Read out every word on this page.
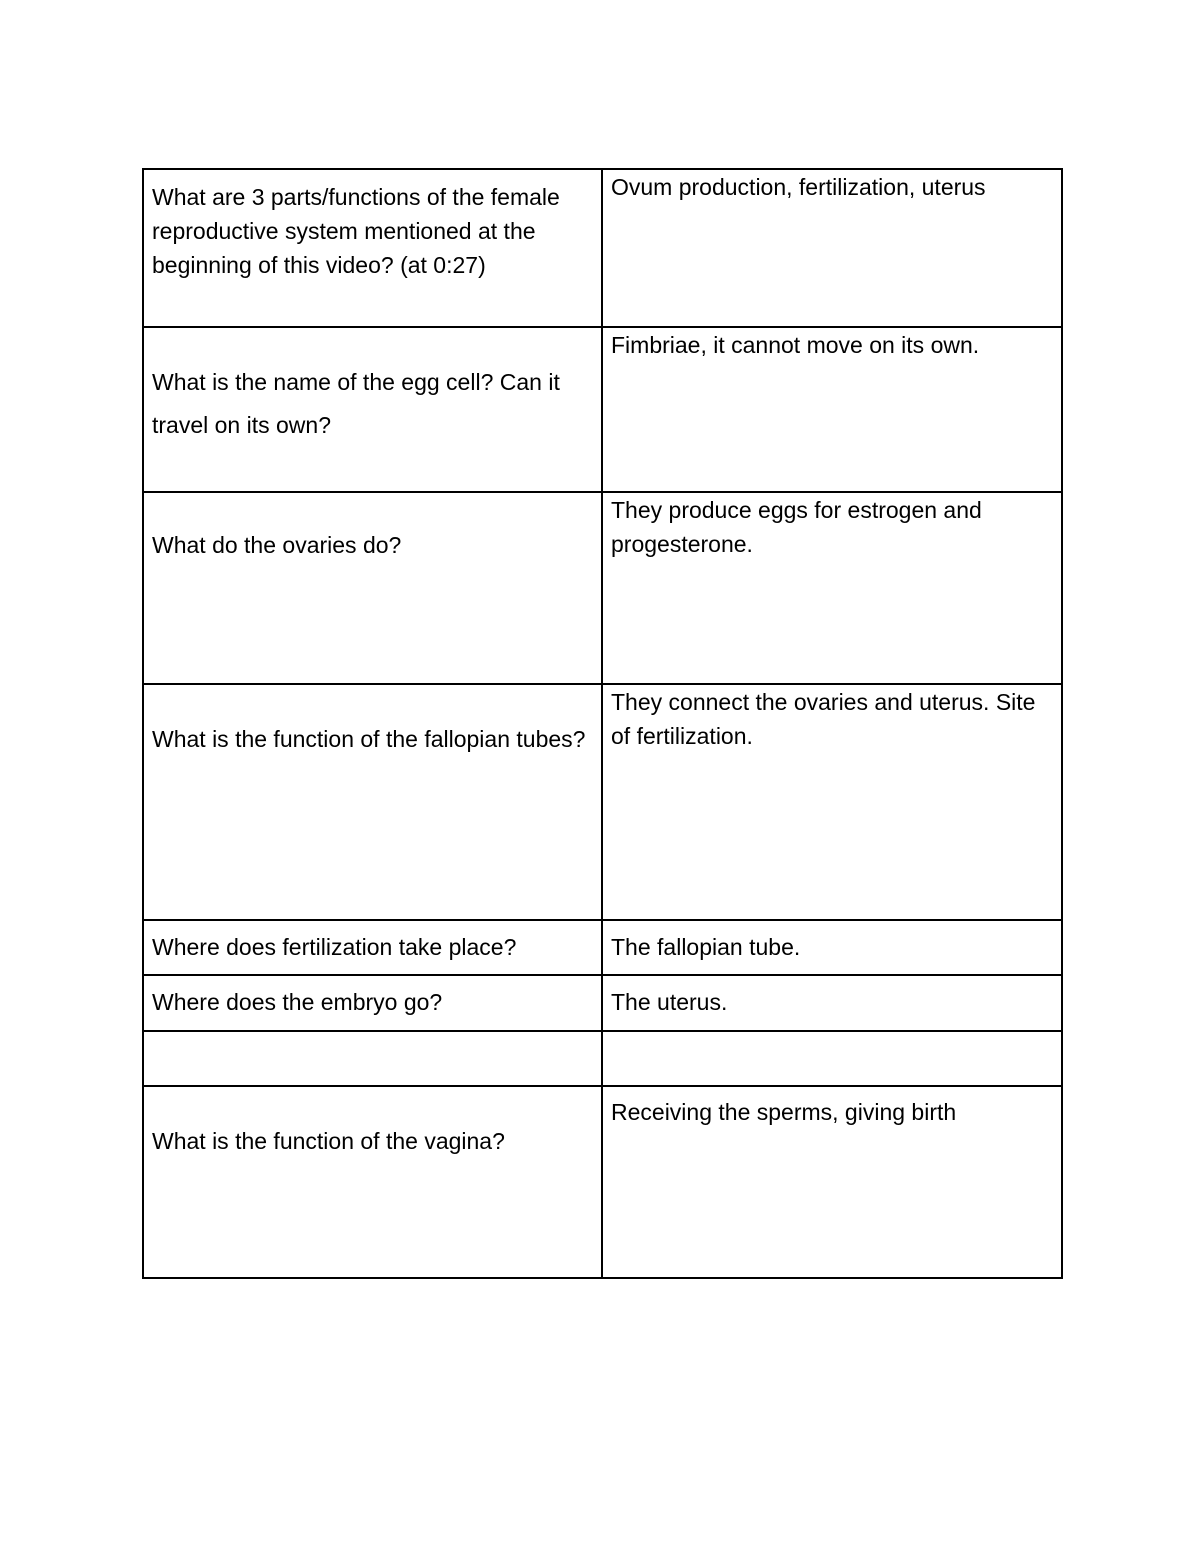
What are 3 parts/functions of the female reproductive system mentioned at the beginning of this video? (at 0:27)	Ovum production, fertilization, uterus
What is the name of the egg cell? Can it travel on its own?	Fimbriae, it cannot move on its own.
What do the ovaries do?	They produce eggs for estrogen and progesterone.
What is the function of the fallopian tubes?	They connect the ovaries and uterus. Site of fertilization.
Where does fertilization take place?	The fallopian tube.
Where does the embryo go?	The uterus.

What is the function of the vagina?	Receiving the sperms, giving birth
